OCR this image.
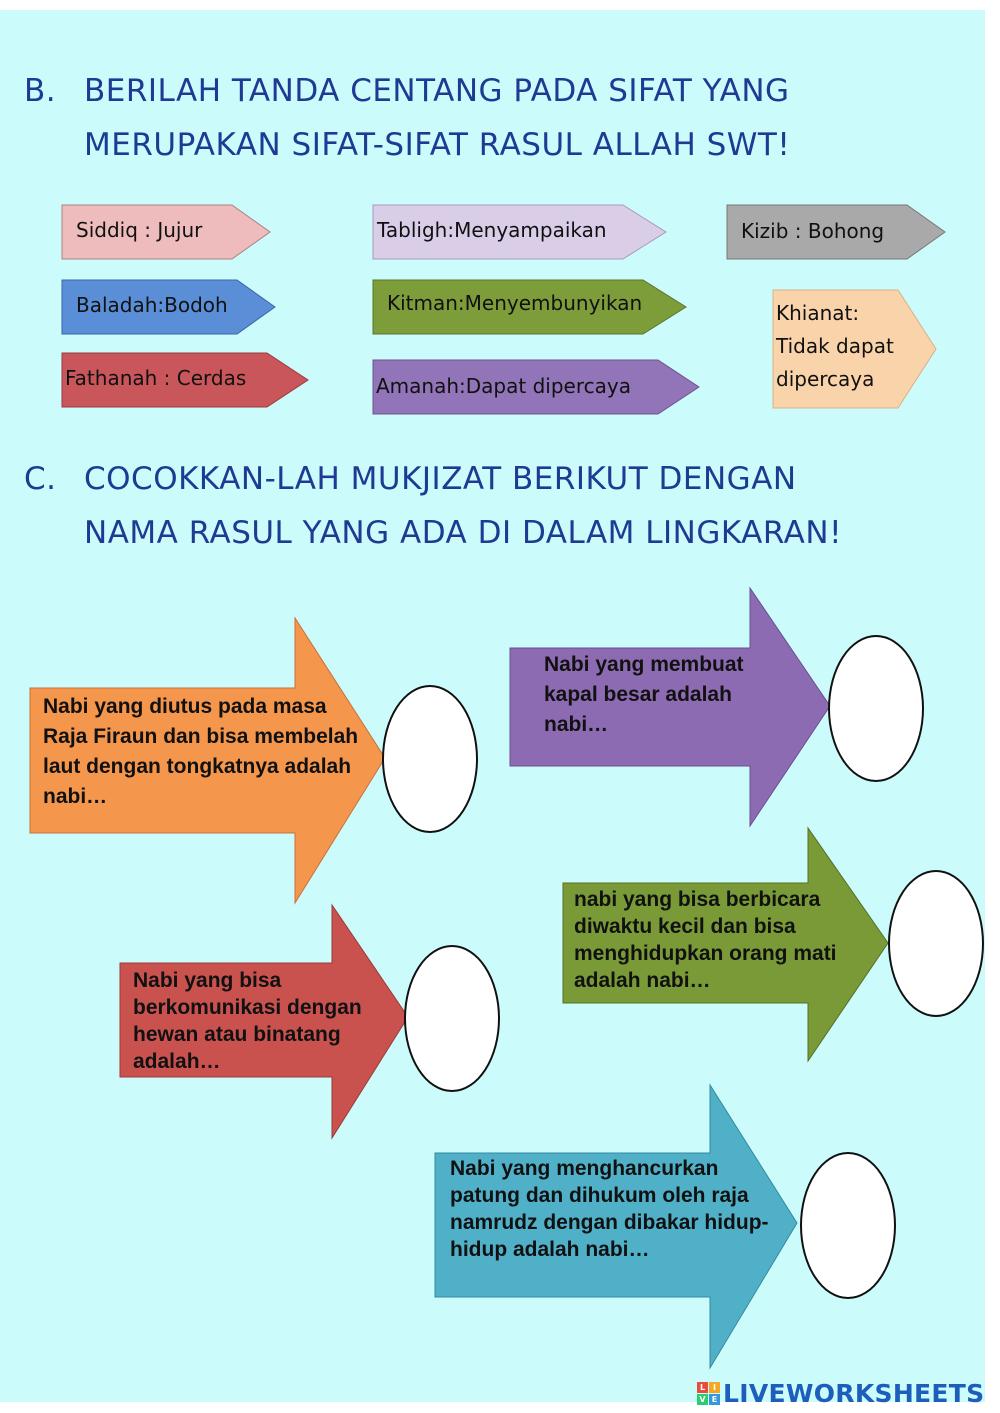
B. BERILAH TANDA CENTANG PADA SIFAT YANG
MERUPAKAN SIFAT-SIFAT RASUL ALLAH SWT!
Siddiq : Jujur	Tabligh:Menyampaikan	Kizib : Bohong
Baladah:Bodoh	Kitman:Menyembunyikan	Khianat:
Tidak dapat
dipercaya
Fathanah : Cerdas	Amanah:Dapat dipercaya
C. COCOKKAN-LAH MUKJIZAT BERIKUT DENGAN
NAMA RASUL YANG ADA DI DALAM LINGKARAN!
Nabi yang diutus pada masa Raja Firaun dan bisa membelah laut dengan tongkatnya adalah nabi…
Nabi yang membuat kapal besar adalah nabi…
nabi yang bisa berbicara diwaktu kecil dan bisa menghidupkan orang mati adalah nabi…
Nabi yang bisa berkomunikasi dengan hewan atau binatang adalah…
Nabi yang menghancurkan patung dan dihukum oleh raja namrudz dengan dibakar hidup-hidup adalah nabi…
L I
V E LIVEWORKSHEETS
